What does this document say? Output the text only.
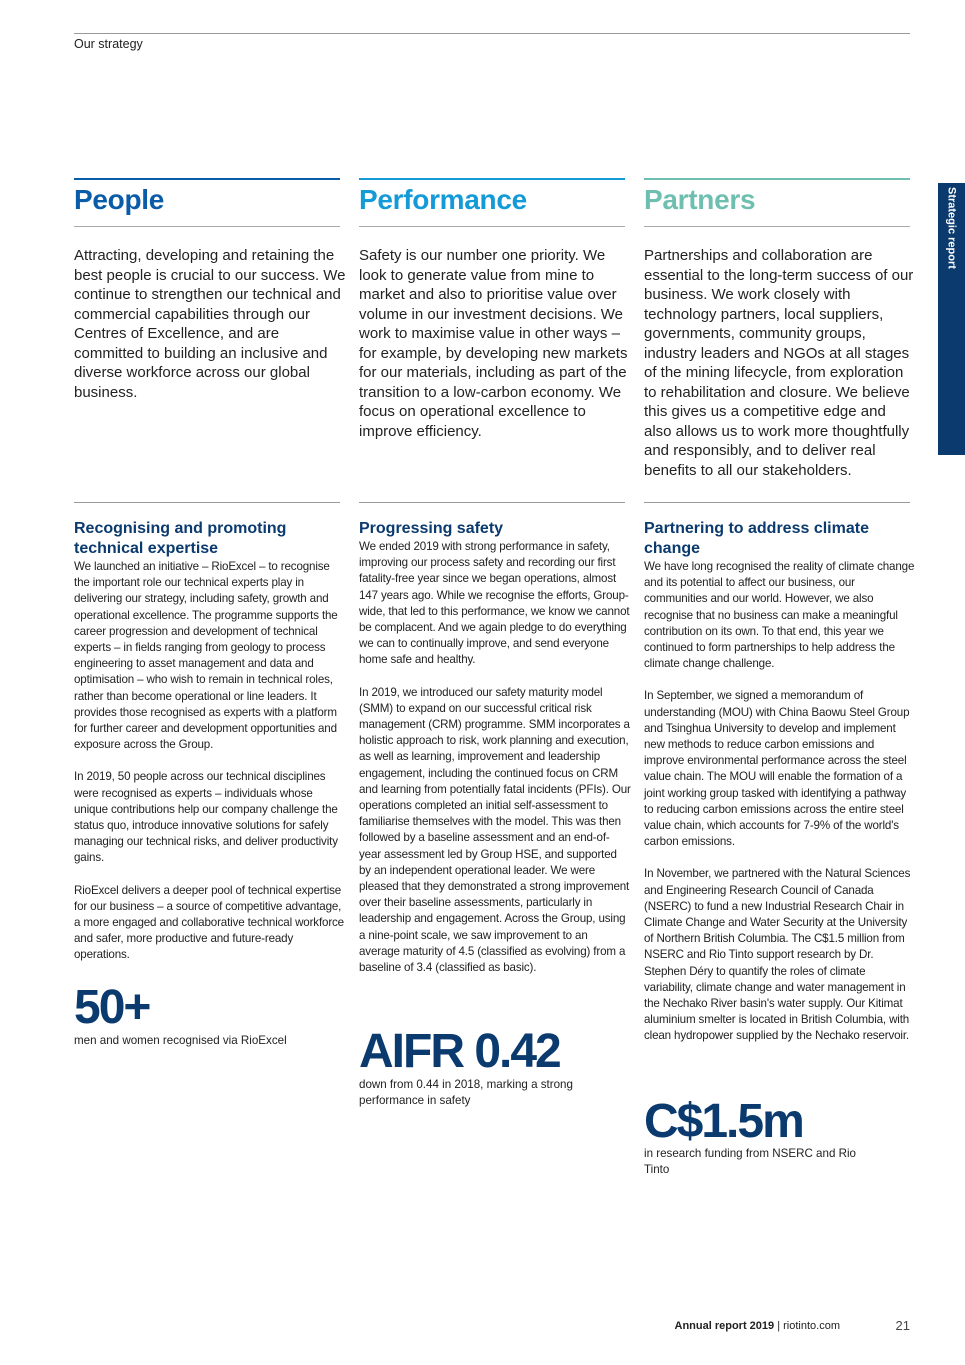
Our strategy
Strategic report
People
Attracting, developing and retaining the best people is crucial to our success. We continue to strengthen our technical and commercial capabilities through our Centres of Excellence, and are committed to building an inclusive and diverse workforce across our global business.
Recognising and promoting technical expertise

We launched an initiative – RioExcel – to recognise the important role our technical experts play in delivering our strategy, including safety, growth and operational excellence. The programme supports the career progression and development of technical experts – in fields ranging from geology to process engineering to asset management and data and optimisation – who wish to remain in technical roles, rather than become operational or line leaders. It provides those recognised as experts with a platform for further career and development opportunities and exposure across the Group.

In 2019, 50 people across our technical disciplines were recognised as experts – individuals whose unique contributions help our company challenge the status quo, introduce innovative solutions for safely managing our technical risks, and deliver productivity gains.

RioExcel delivers a deeper pool of technical expertise for our business – a source of competitive advantage, a more engaged and collaborative technical workforce and safer, more productive and future-ready operations.

50+
men and women recognised via RioExcel
Performance
Safety is our number one priority. We look to generate value from mine to market and also to prioritise value over volume in our investment decisions. We work to maximise value in other ways – for example, by developing new markets for our materials, including as part of the transition to a low-carbon economy. We focus on operational excellence to improve efficiency.
Progressing safety

We ended 2019 with strong performance in safety, improving our process safety and recording our first fatality-free year since we began operations, almost 147 years ago. While we recognise the efforts, Group-wide, that led to this performance, we know we cannot be complacent. And we again pledge to do everything we can to continually improve, and send everyone home safe and healthy.

In 2019, we introduced our safety maturity model (SMM) to expand on our successful critical risk management (CRM) programme. SMM incorporates a holistic approach to risk, work planning and execution, as well as learning, improvement and leadership engagement, including the continued focus on CRM and learning from potentially fatal incidents (PFIs). Our operations completed an initial self-assessment to familiarise themselves with the model. This was then followed by a baseline assessment and an end-of-year assessment led by Group HSE, and supported by an independent operational leader. We were pleased that they demonstrated a strong improvement over their baseline assessments, particularly in leadership and engagement. Across the Group, using a nine-point scale, we saw improvement to an average maturity of 4.5 (classified as evolving) from a baseline of 3.4 (classified as basic).

AIFR 0.42
down from 0.44 in 2018, marking a strong performance in safety
Partners
Partnerships and collaboration are essential to the long-term success of our business. We work closely with technology partners, local suppliers, governments, community groups, industry leaders and NGOs at all stages of the mining lifecycle, from exploration to rehabilitation and closure. We believe this gives us a competitive edge and also allows us to work more thoughtfully and responsibly, and to deliver real benefits to all our stakeholders.
Partnering to address climate change

We have long recognised the reality of climate change and its potential to affect our business, our communities and our world. However, we also recognise that no business can make a meaningful contribution on its own. To that end, this year we continued to form partnerships to help address the climate change challenge.

In September, we signed a memorandum of understanding (MOU) with China Baowu Steel Group and Tsinghua University to develop and implement new methods to reduce carbon emissions and improve environmental performance across the steel value chain. The MOU will enable the formation of a joint working group tasked with identifying a pathway to reducing carbon emissions across the entire steel value chain, which accounts for 7-9% of the world's carbon emissions.

In November, we partnered with the Natural Sciences and Engineering Research Council of Canada (NSERC) to fund a new Industrial Research Chair in Climate Change and Water Security at the University of Northern British Columbia. The C$1.5 million from NSERC and Rio Tinto support research by Dr. Stephen Déry to quantify the roles of climate variability, climate change and water management in the Nechako River basin's water supply. Our Kitimat aluminium smelter is located in British Columbia, with clean hydropower supplied by the Nechako reservoir.

C$1.5m
in research funding from NSERC and Rio Tinto
Annual report 2019 | riotinto.com	21
